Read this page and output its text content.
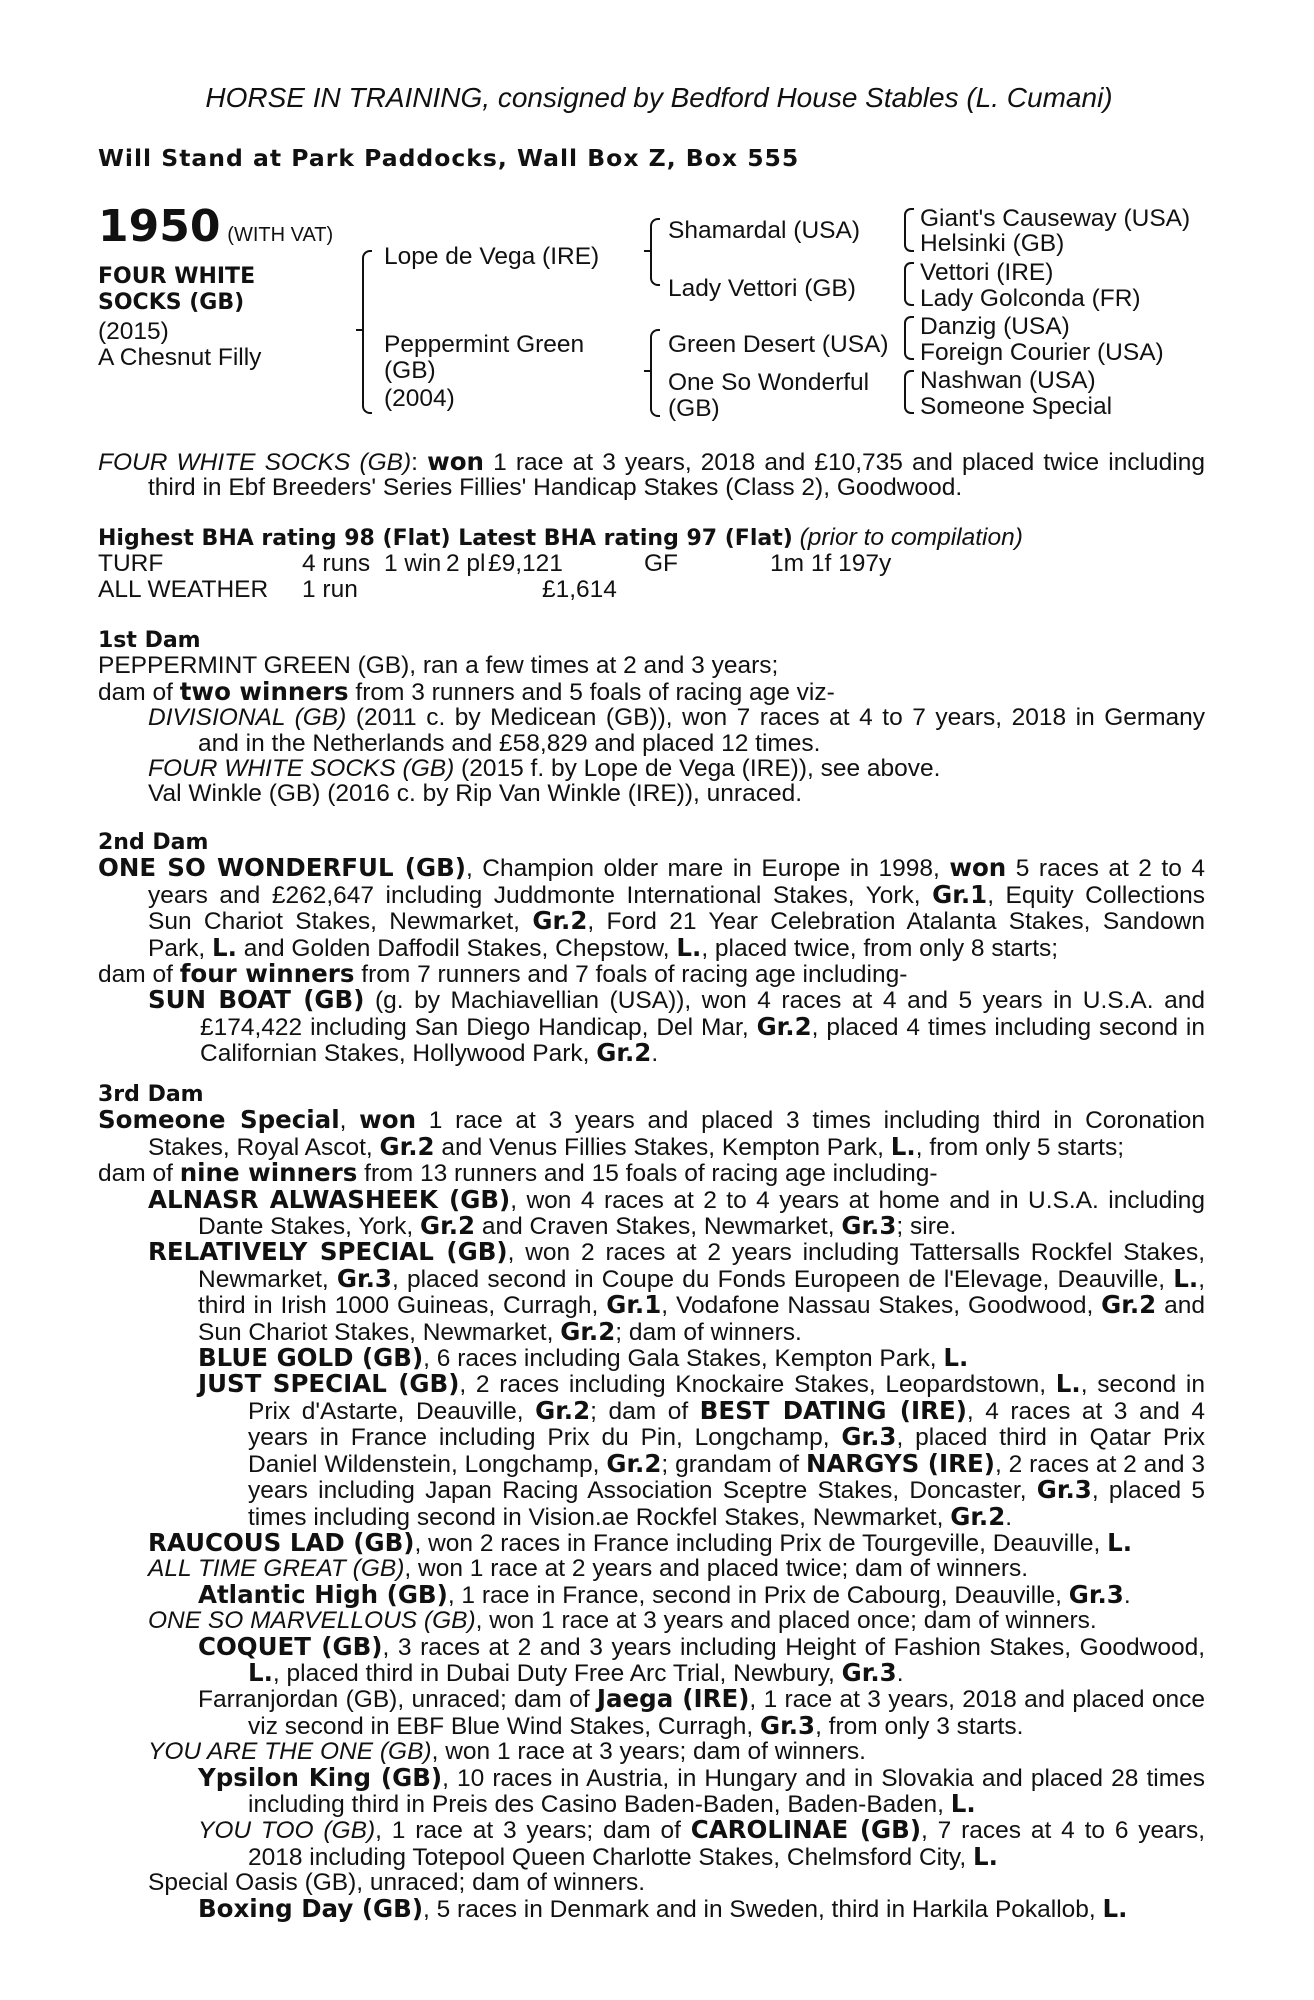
HORSE IN TRAINING, consigned by Bedford House Stables (L. Cumani)
Will Stand at Park Paddocks, Wall Box Z, Box 555
1950 (WITH VAT)
FOUR WHITE
SOCKS (GB)
(2015)
A Chesnut Filly
Lope de Vega (IRE)
Peppermint Green
(GB)
(2004)
Shamardal (USA)
Lady Vettori (GB)
Green Desert (USA)
One So Wonderful
(GB)
Giant's Causeway (USA)
Helsinki (GB)
Vettori (IRE)
Lady Golconda (FR)
Danzig (USA)
Foreign Courier (USA)
Nashwan (USA)
Someone Special

FOUR WHITE SOCKS (GB): won 1 race at 3 years, 2018 and £10,735 and placed twice including third in Ebf Breeders' Series Fillies' Handicap Stakes (Class 2), Goodwood.

Highest BHA rating 98 (Flat) Latest BHA rating 97 (Flat) (prior to compilation)
TURF	4 runs 1 win 2 pl £9,121	GF	1m 1f 197y
ALL WEATHER	1 run	£1,614
1st Dam

PEPPERMINT GREEN (GB), ran a few times at 2 and 3 years;

dam of two winners from 3 runners and 5 foals of racing age viz-

DIVISIONAL (GB) (2011 c. by Medicean (GB)), won 7 races at 4 to 7 years, 2018 in Germany and in the Netherlands and £58,829 and placed 12 times.

FOUR WHITE SOCKS (GB) (2015 f. by Lope de Vega (IRE)), see above.

Val Winkle (GB) (2016 c. by Rip Van Winkle (IRE)), unraced.

2nd Dam

ONE SO WONDERFUL (GB), Champion older mare in Europe in 1998, won 5 races at 2 to 4 years and £262,647 including Juddmonte International Stakes, York, Gr.1, Equity Collections Sun Chariot Stakes, Newmarket, Gr.2, Ford 21 Year Celebration Atalanta Stakes, Sandown Park, L. and Golden Daffodil Stakes, Chepstow, L., placed twice, from only 8 starts;

dam of four winners from 7 runners and 7 foals of racing age including-

SUN BOAT (GB) (g. by Machiavellian (USA)), won 4 races at 4 and 5 years in U.S.A. and £174,422 including San Diego Handicap, Del Mar, Gr.2, placed 4 times including second in Californian Stakes, Hollywood Park, Gr.2.

3rd Dam

Someone Special, won 1 race at 3 years and placed 3 times including third in Coronation Stakes, Royal Ascot, Gr.2 and Venus Fillies Stakes, Kempton Park, L., from only 5 starts;

dam of nine winners from 13 runners and 15 foals of racing age including-

ALNASR ALWASHEEK (GB), won 4 races at 2 to 4 years at home and in U.S.A. including Dante Stakes, York, Gr.2 and Craven Stakes, Newmarket, Gr.3; sire.

RELATIVELY SPECIAL (GB), won 2 races at 2 years including Tattersalls Rockfel Stakes, Newmarket, Gr.3, placed second in Coupe du Fonds Europeen de l'Elevage, Deauville, L., third in Irish 1000 Guineas, Curragh, Gr.1, Vodafone Nassau Stakes, Goodwood, Gr.2 and Sun Chariot Stakes, Newmarket, Gr.2; dam of winners.

BLUE GOLD (GB), 6 races including Gala Stakes, Kempton Park, L.

JUST SPECIAL (GB), 2 races including Knockaire Stakes, Leopardstown, L., second in Prix d'Astarte, Deauville, Gr.2; dam of BEST DATING (IRE), 4 races at 3 and 4 years in France including Prix du Pin, Longchamp, Gr.3, placed third in Qatar Prix Daniel Wildenstein, Longchamp, Gr.2; grandam of NARGYS (IRE), 2 races at 2 and 3 years including Japan Racing Association Sceptre Stakes, Doncaster, Gr.3, placed 5 times including second in Vision.ae Rockfel Stakes, Newmarket, Gr.2.

RAUCOUS LAD (GB), won 2 races in France including Prix de Tourgeville, Deauville, L.

ALL TIME GREAT (GB), won 1 race at 2 years and placed twice; dam of winners.

Atlantic High (GB), 1 race in France, second in Prix de Cabourg, Deauville, Gr.3.

ONE SO MARVELLOUS (GB), won 1 race at 3 years and placed once; dam of winners.

COQUET (GB), 3 races at 2 and 3 years including Height of Fashion Stakes, Goodwood, L., placed third in Dubai Duty Free Arc Trial, Newbury, Gr.3.

Farranjordan (GB), unraced; dam of Jaega (IRE), 1 race at 3 years, 2018 and placed once viz second in EBF Blue Wind Stakes, Curragh, Gr.3, from only 3 starts.

YOU ARE THE ONE (GB), won 1 race at 3 years; dam of winners.

Ypsilon King (GB), 10 races in Austria, in Hungary and in Slovakia and placed 28 times including third in Preis des Casino Baden-Baden, Baden-Baden, L.

YOU TOO (GB), 1 race at 3 years; dam of CAROLINAE (GB), 7 races at 4 to 6 years, 2018 including Totepool Queen Charlotte Stakes, Chelmsford City, L.

Special Oasis (GB), unraced; dam of winners.

Boxing Day (GB), 5 races in Denmark and in Sweden, third in Harkila Pokallob, L.
